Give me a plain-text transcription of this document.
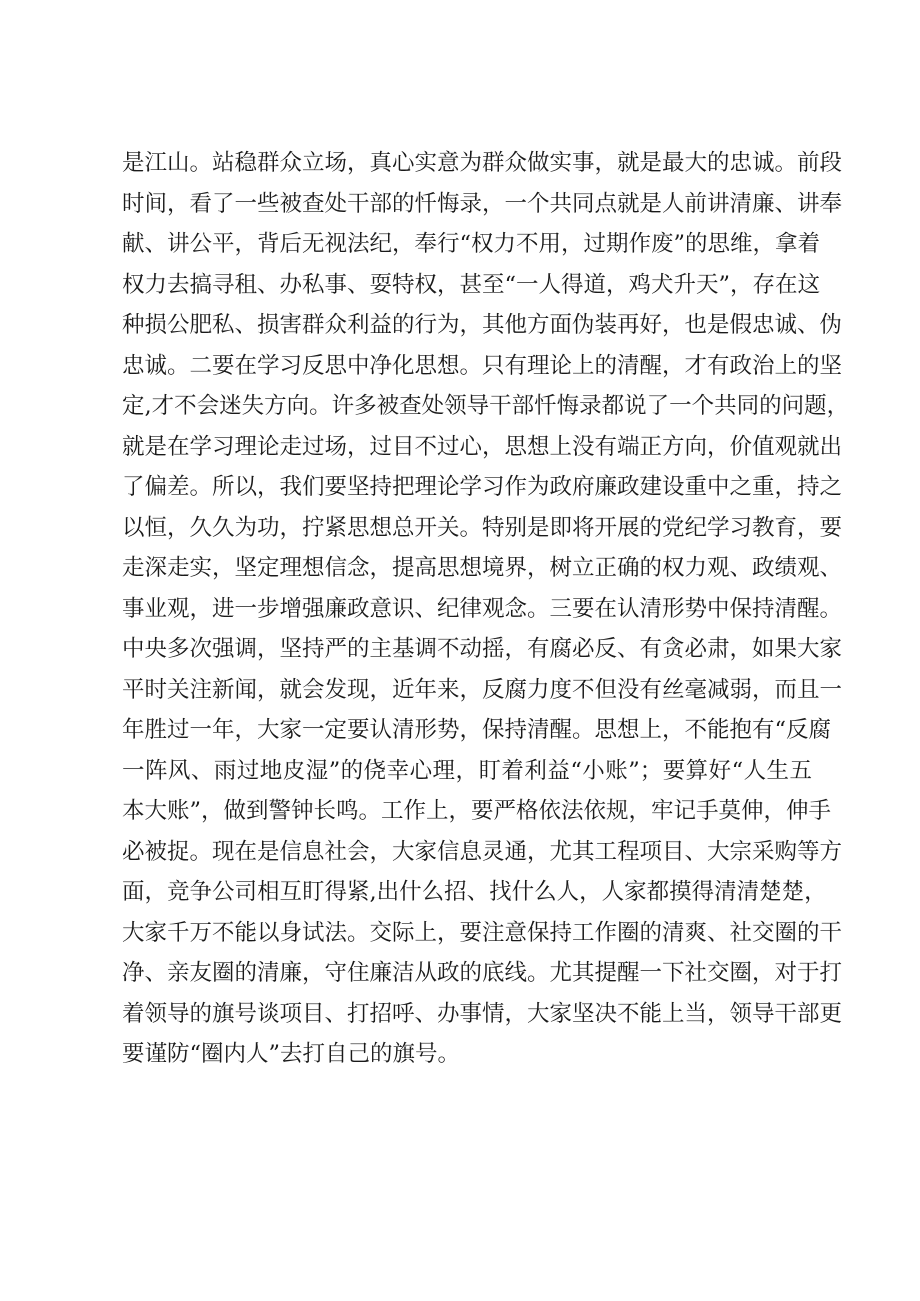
是江山。站稳群众立场，真心实意为群众做实事，就是最大的忠诚。前段
时间，看了一些被查处干部的忏悔录，一个共同点就是人前讲清廉、讲奉
献、讲公平，背后无视法纪，奉行“权力不用，过期作废”的思维，拿着
权力去搞寻租、办私事、耍特权，甚至“一人得道，鸡犬升天”，存在这
种损公肥私、损害群众利益的行为，其他方面伪装再好，也是假忠诚、伪
忠诚。二要在学习反思中净化思想。只有理论上的清醒，才有政治上的坚
定,才不会迷失方向。许多被查处领导干部忏悔录都说了一个共同的问题，
就是在学习理论走过场，过目不过心，思想上没有端正方向，价值观就出
了偏差。所以，我们要坚持把理论学习作为政府廉政建设重中之重，持之
以恒，久久为功，拧紧思想总开关。特别是即将开展的党纪学习教育，要
走深走实，坚定理想信念，提高思想境界，树立正确的权力观、政绩观、
事业观，进一步增强廉政意识、纪律观念。三要在认清形势中保持清醒。
中央多次强调，坚持严的主基调不动摇，有腐必反、有贪必肃，如果大家
平时关注新闻，就会发现，近年来，反腐力度不但没有丝毫减弱，而且一
年胜过一年，大家一定要认清形势，保持清醒。思想上，不能抱有“反腐
一阵风、雨过地皮湿”的侥幸心理，盯着利益“小账”；要算好“人生五
本大账”，做到警钟长鸣。工作上，要严格依法依规，牢记手莫伸，伸手
必被捉。现在是信息社会，大家信息灵通，尤其工程项目、大宗采购等方
面，竞争公司相互盯得紧,出什么招、找什么人，人家都摸得清清楚楚，
大家千万不能以身试法。交际上，要注意保持工作圈的清爽、社交圈的干
净、亲友圈的清廉，守住廉洁从政的底线。尤其提醒一下社交圈，对于打
着领导的旗号谈项目、打招呼、办事情，大家坚决不能上当，领导干部更
要谨防“圈内人”去打自己的旗号。
